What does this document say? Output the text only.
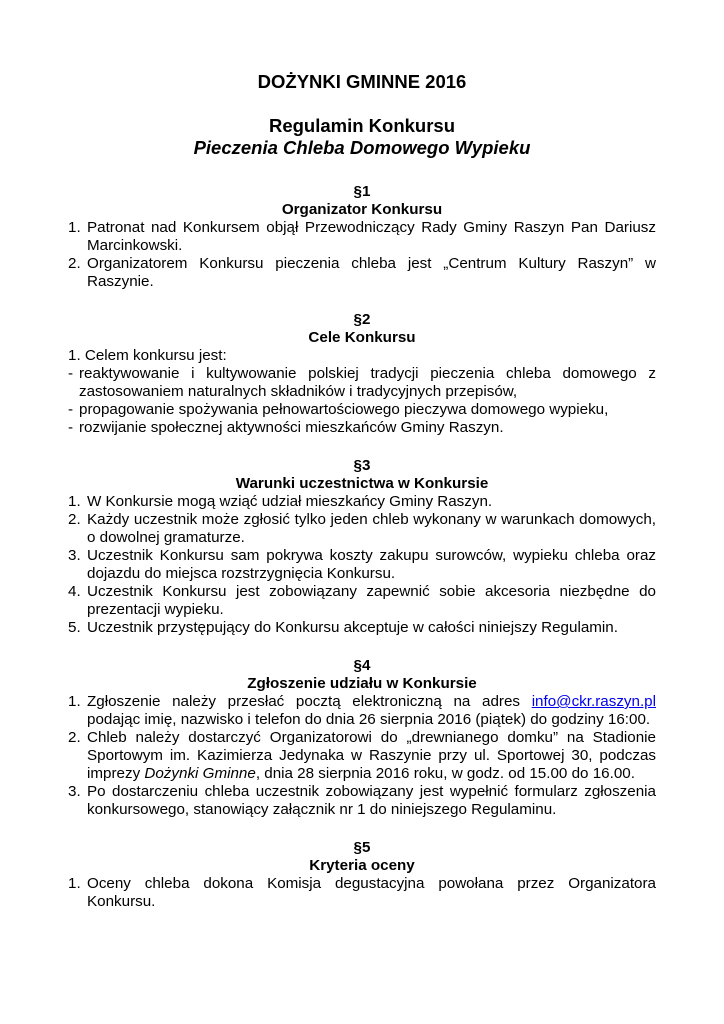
DOŻYNKI GMINNE 2016
Regulamin Konkursu
Pieczenia Chleba Domowego Wypieku
§1
Organizator Konkursu
1. Patronat nad Konkursem objął Przewodniczący Rady Gminy Raszyn Pan Dariusz Marcinkowski.
2. Organizatorem Konkursu pieczenia chleba jest „Centrum Kultury Raszyn” w Raszynie.
§2
Cele Konkursu
1. Celem konkursu jest:
- reaktywowanie i kultywowanie polskiej tradycji pieczenia chleba domowego z zastosowaniem naturalnych składników i tradycyjnych przepisów,
- propagowanie spożywania pełnowartościowego pieczywa domowego wypieku,
- rozwijanie społecznej aktywności mieszkańców Gminy Raszyn.
§3
Warunki uczestnictwa w Konkursie
1. W Konkursie mogą wziąć udział mieszkańcy Gminy Raszyn.
2. Każdy uczestnik może zgłosić tylko jeden chleb wykonany w warunkach domowych, o dowolnej gramaturze.
3. Uczestnik Konkursu sam pokrywa koszty zakupu surowców, wypieku chleba oraz dojazdu do miejsca rozstrzygnięcia Konkursu.
4. Uczestnik Konkursu jest zobowiązany zapewnić sobie akcesoria niezbędne do prezentacji wypieku.
5. Uczestnik przystępujący do Konkursu akceptuje w całości niniejszy Regulamin.
§4
Zgłoszenie udziału w Konkursie
1. Zgłoszenie należy przesłać pocztą elektroniczną na adres info@ckr.raszyn.pl podając imię, nazwisko i telefon do dnia 26 sierpnia 2016 (piątek) do godziny 16:00.
2. Chleb należy dostarczyć Organizatorowi do „drewnianego domku” na Stadionie Sportowym im. Kazimierza Jedynaka w Raszynie przy ul. Sportowej 30, podczas imprezy Dożynki Gminne, dnia 28 sierpnia 2016 roku, w godz. od 15.00 do 16.00.
3. Po dostarczeniu chleba uczestnik zobowiązany jest wypełnić formularz zgłoszenia konkursowego, stanowiący załącznik nr 1 do niniejszego Regulaminu.
§5
Kryteria oceny
1. Oceny chleba dokona Komisja degustacyjna powołana przez Organizatora Konkursu.
